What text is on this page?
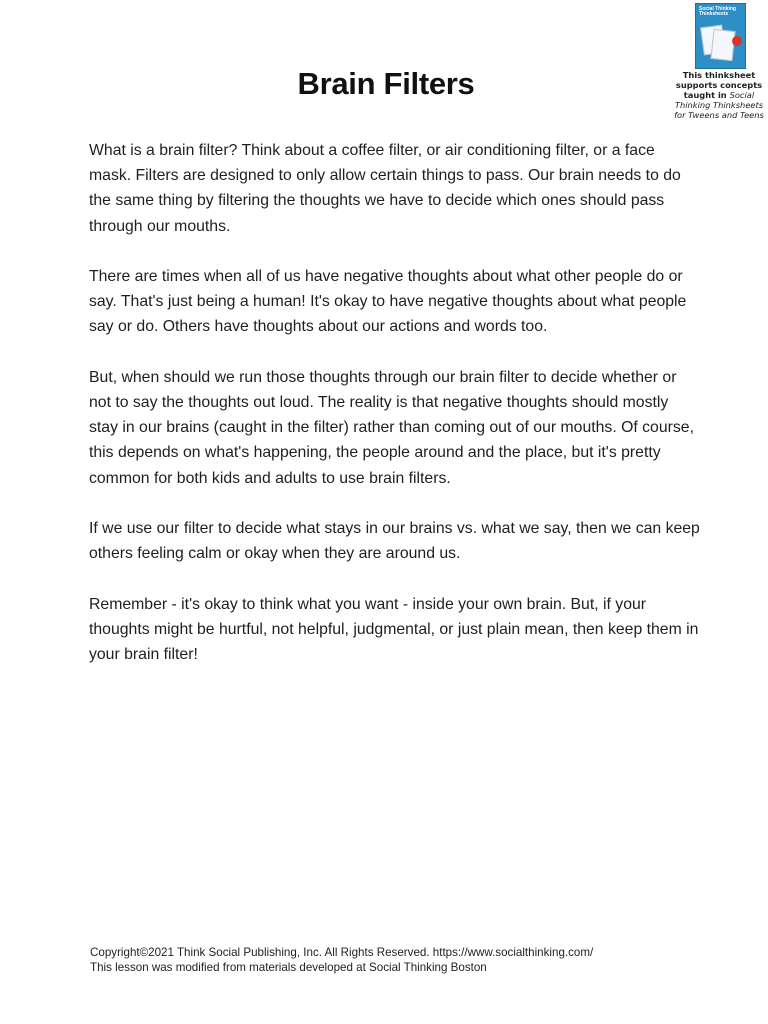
Brain Filters
Social Thinking
Thinksheets
This thinksheet
supports concepts
taught in Social
Thinking Thinksheets
for Tweens and Teens

What is a brain filter? Think about a coffee filter, or air conditioning filter, or a face mask. Filters are designed to only allow certain things to pass. Our brain needs to do the same thing by filtering the thoughts we have to decide which ones should pass through our mouths.

There are times when all of us have negative thoughts about what other people do or say. That's just being a human! It's okay to have negative thoughts about what people say or do. Others have thoughts about our actions and words too.

But, when should we run those thoughts through our brain filter to decide whether or not to say the thoughts out loud. The reality is that negative thoughts should mostly stay in our brains (caught in the filter) rather than coming out of our mouths. Of course, this depends on what's happening, the people around and the place, but it's pretty common for both kids and adults to use brain filters.

If we use our filter to decide what stays in our brains vs. what we say, then we can keep others feeling calm or okay when they are around us.

Remember - it's okay to think what you want - inside your own brain. But, if your thoughts might be hurtful, not helpful, judgmental, or just plain mean, then keep them in your brain filter!

Copyright©2021 Think Social Publishing, Inc. All Rights Reserved. https://www.socialthinking.com/
This lesson was modified from materials developed at Social Thinking Boston
